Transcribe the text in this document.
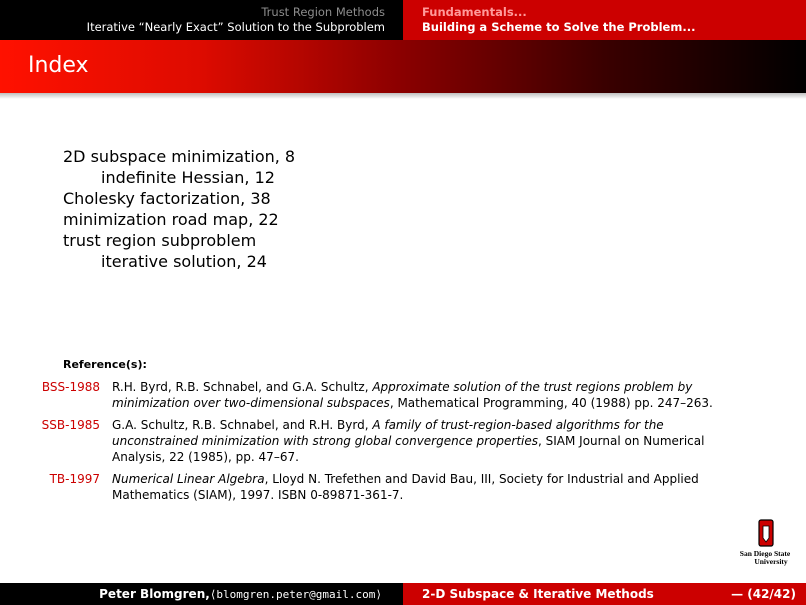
Trust Region Methods
Iterative “Nearly Exact” Solution to the Subproblem
Fundamentals...
Building a Scheme to Solve the Problem...
Index
2D subspace minimization, 8
indefinite Hessian, 12
Cholesky factorization, 38
minimization road map, 22
trust region subproblem
iterative solution, 24
Reference(s):
BSS-1988	R.H. Byrd, R.B. Schnabel, and G.A. Schultz, Approximate solution of the trust regions problem by minimization over two-dimensional subspaces, Mathematical Programming, 40 (1988) pp. 247–263.
SSB-1985	G.A. Schultz, R.B. Schnabel, and R.H. Byrd, A family of trust-region-based algorithms for the unconstrained minimization with strong global convergence properties, SIAM Journal on Numerical Analysis, 22 (1985), pp. 47–67.
TB-1997	Numerical Linear Algebra, Lloyd N. Trefethen and David Bau, III, Society for Industrial and Applied Mathematics (SIAM), 1997. ISBN 0-89871-361-7.
San Diego State
University
Peter Blomgren, ⟨blomgren.peter@gmail.com⟩	2-D Subspace & Iterative Methods	— (42/42)
